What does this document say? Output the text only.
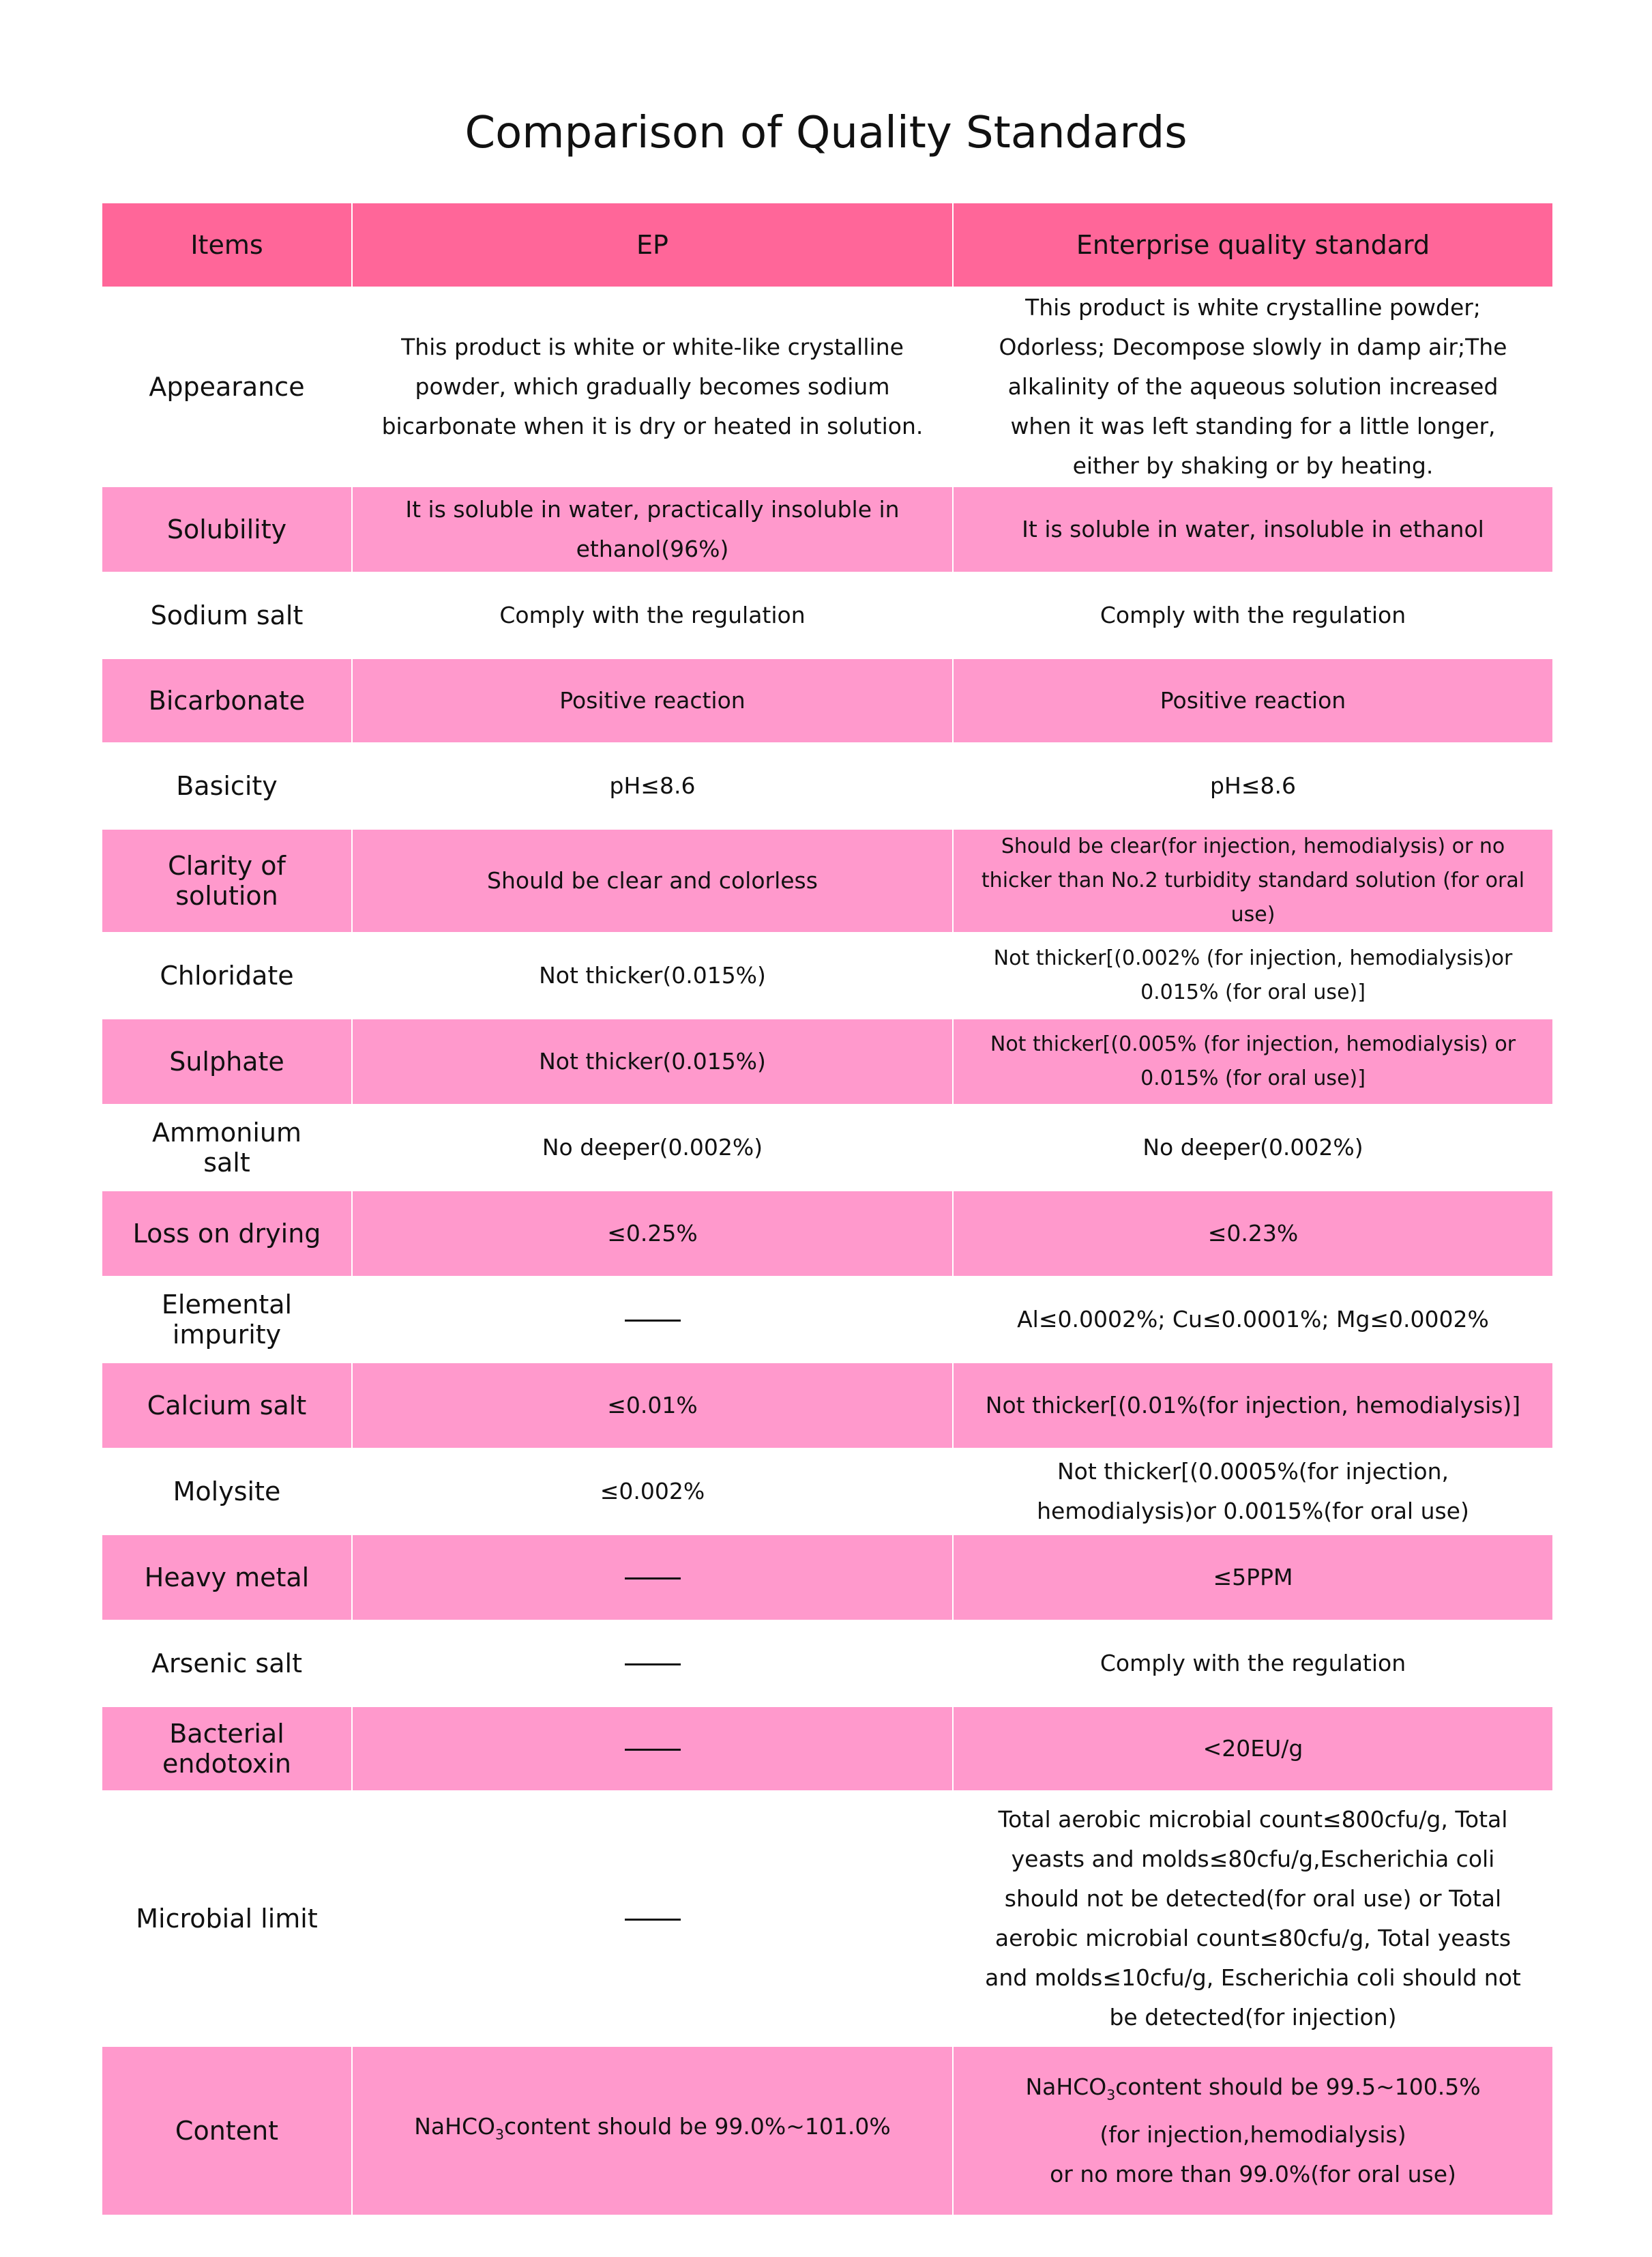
Comparison of Quality Standards
Items	EP	Enterprise quality standard
Appearance	This product is white or white-like crystalline powder, which gradually becomes sodium bicarbonate when it is dry or heated in solution.	This product is white crystalline powder; Odorless; Decompose slowly in damp air;The alkalinity of the aqueous solution increased when it was left standing for a little longer, either by shaking or by heating.
Solubility	It is soluble in water, practically insoluble in ethanol(96%)	It is soluble in water, insoluble in ethanol
Sodium salt	Comply with the regulation	Comply with the regulation
Bicarbonate	Positive reaction	Positive reaction
Basicity	pH≤8.6	pH≤8.6
Clarity of solution	Should be clear and colorless	Should be clear(for injection, hemodialysis) or no thicker than No.2 turbidity standard solution (for oral use)
Chloridate	Not thicker(0.015%)	Not thicker[(0.002% (for injection, hemodialysis)or 0.015% (for oral use)]
Sulphate	Not thicker(0.015%)	Not thicker[(0.005% (for injection, hemodialysis) or 0.015% (for oral use)]
Ammonium salt	No deeper(0.002%)	No deeper(0.002%)
Loss on drying	≤0.25%	≤0.23%
Elemental impurity		Al≤0.0002%; Cu≤0.0001%; Mg≤0.0002%
Calcium salt	≤0.01%	Not thicker[(0.01%(for injection, hemodialysis)]
Molysite	≤0.002%	Not thicker[(0.0005%(for injection, hemodialysis)or 0.0015%(for oral use)
Heavy metal		≤5PPM
Arsenic salt		Comply with the regulation
Bacterial endotoxin		<20EU/g
Microbial limit		Total aerobic microbial count≤800cfu/g, Total yeasts and molds≤80cfu/g,Escherichia coli should not be detected(for oral use) or Total aerobic microbial count≤80cfu/g, Total yeasts and molds≤10cfu/g, Escherichia coli should not be detected(for injection)
Content	NaHCO$_3$content should be 99.0%~101.0%	NaHCO$_3$content should be 99.5~100.5%
(for injection,hemodialysis)
or no more than 99.0%(for oral use)
